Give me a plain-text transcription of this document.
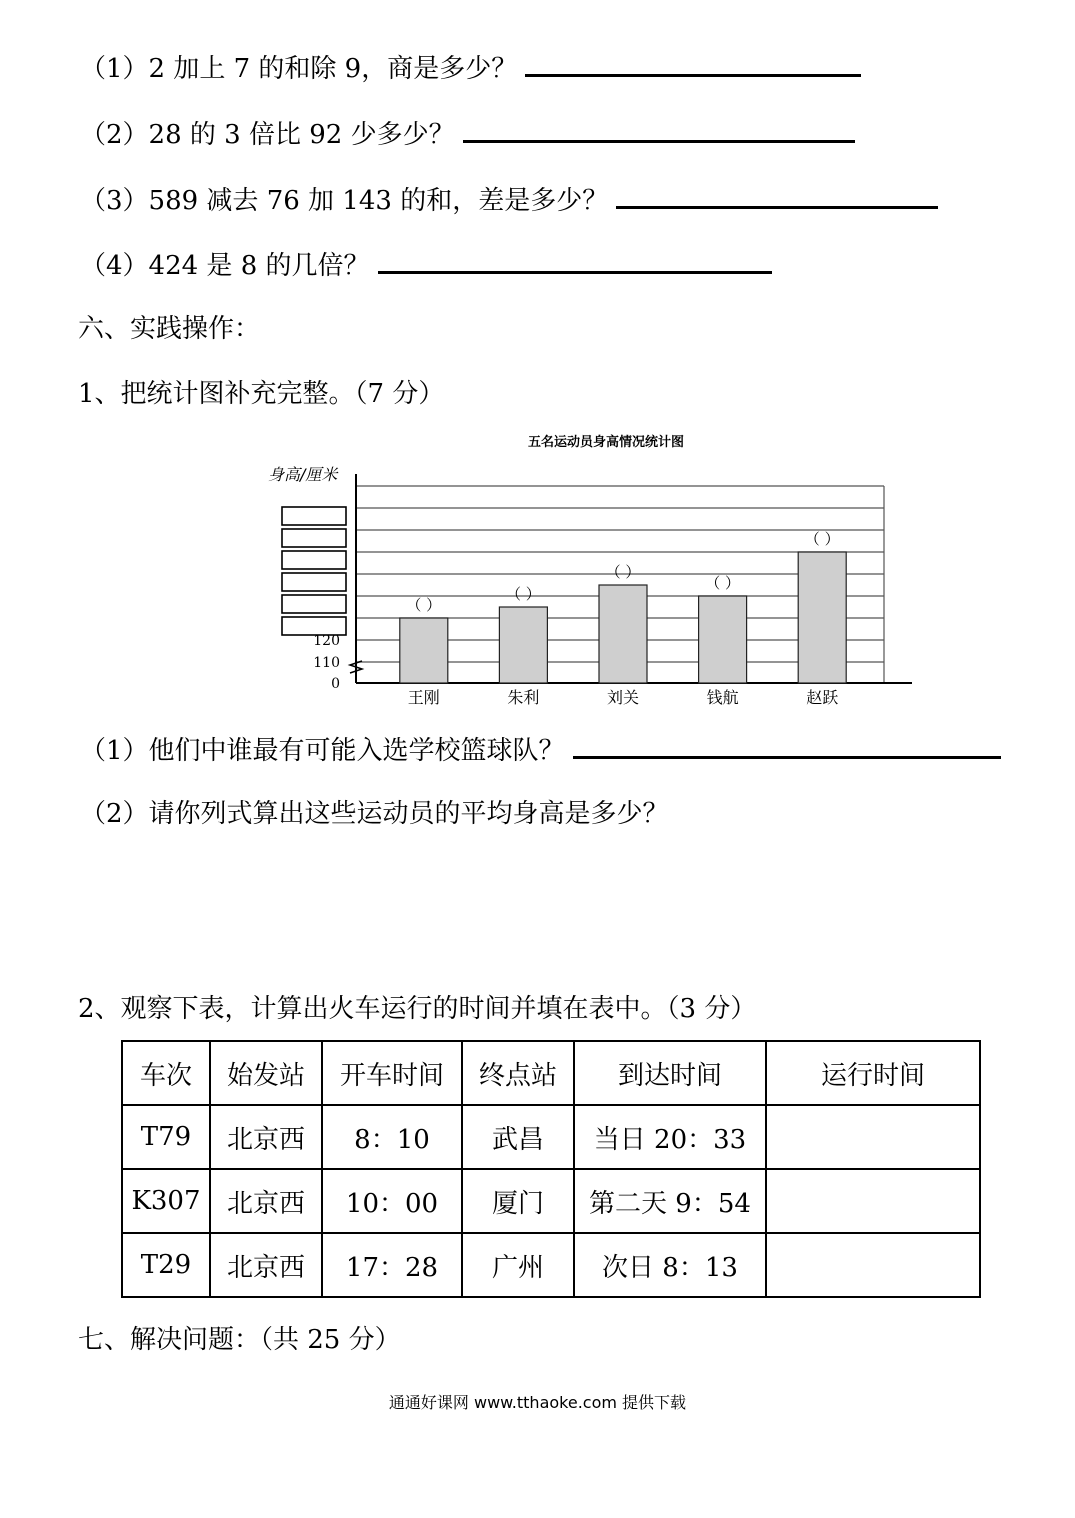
（1）2 加上 7 的和除 9，商是多少？
（2）28 的 3 倍比 92 少多少？
（3）589 减去 76 加 143 的和，差是多少？
（4）424 是 8 的几倍？
六、实践操作：
1、把统计图补充完整。（7 分）
五名运动员身高情况统计图
身高/厘米
0
110
120
（ ）
（ ）
（ ）
（ ）
（ ）
王刚	朱利	刘关	钱航	赵跃
（1）他们中谁最有可能入选学校篮球队？
（2）请你列式算出这些运动员的平均身高是多少？
2、观察下表，计算出火车运行的时间并填在表中。（3 分）
车次	始发站	开车时间	终点站	到达时间	运行时间
T79	北京西	8：10	武昌	当日 20：33	
K307	北京西	10：00	厦门	第二天 9：54	
T29	北京西	17：28	广州	次日 8：13	
七、解决问题：（共 25 分）
通通好课网 www.tthaoke.com 提供下载
